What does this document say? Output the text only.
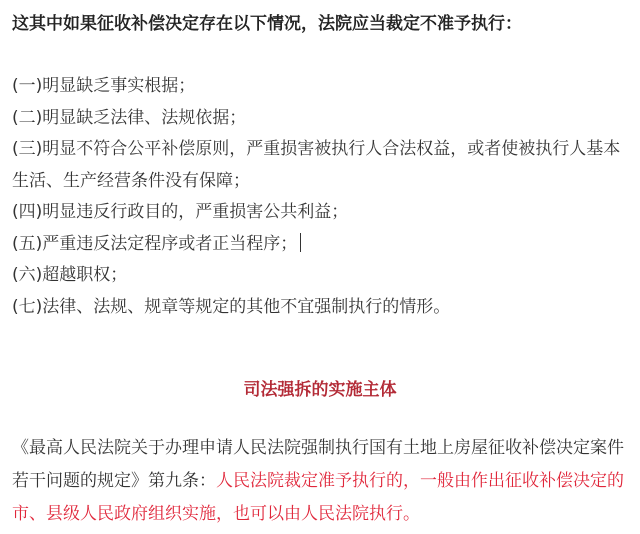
这其中如果征收补偿决定存在以下情况，法院应当裁定不准予执行：
(一)明显缺乏事实根据；
(二)明显缺乏法律、法规依据；
(三)明显不符合公平补偿原则，严重损害被执行人合法权益，或者使被执行人基本生活、生产经营条件没有保障；
(四)明显违反行政目的，严重损害公共利益；
(五)严重违反法定程序或者正当程序；
(六)超越职权；
(七)法律、法规、规章等规定的其他不宜强制执行的情形。
司法强拆的实施主体

《最高人民法院关于办理申请人民法院强制执行国有土地上房屋征收补偿决定案件若干问题的规定》第九条：人民法院裁定准予执行的，一般由作出征收补偿决定的市、县级人民政府组织实施，也可以由人民法院执行。
